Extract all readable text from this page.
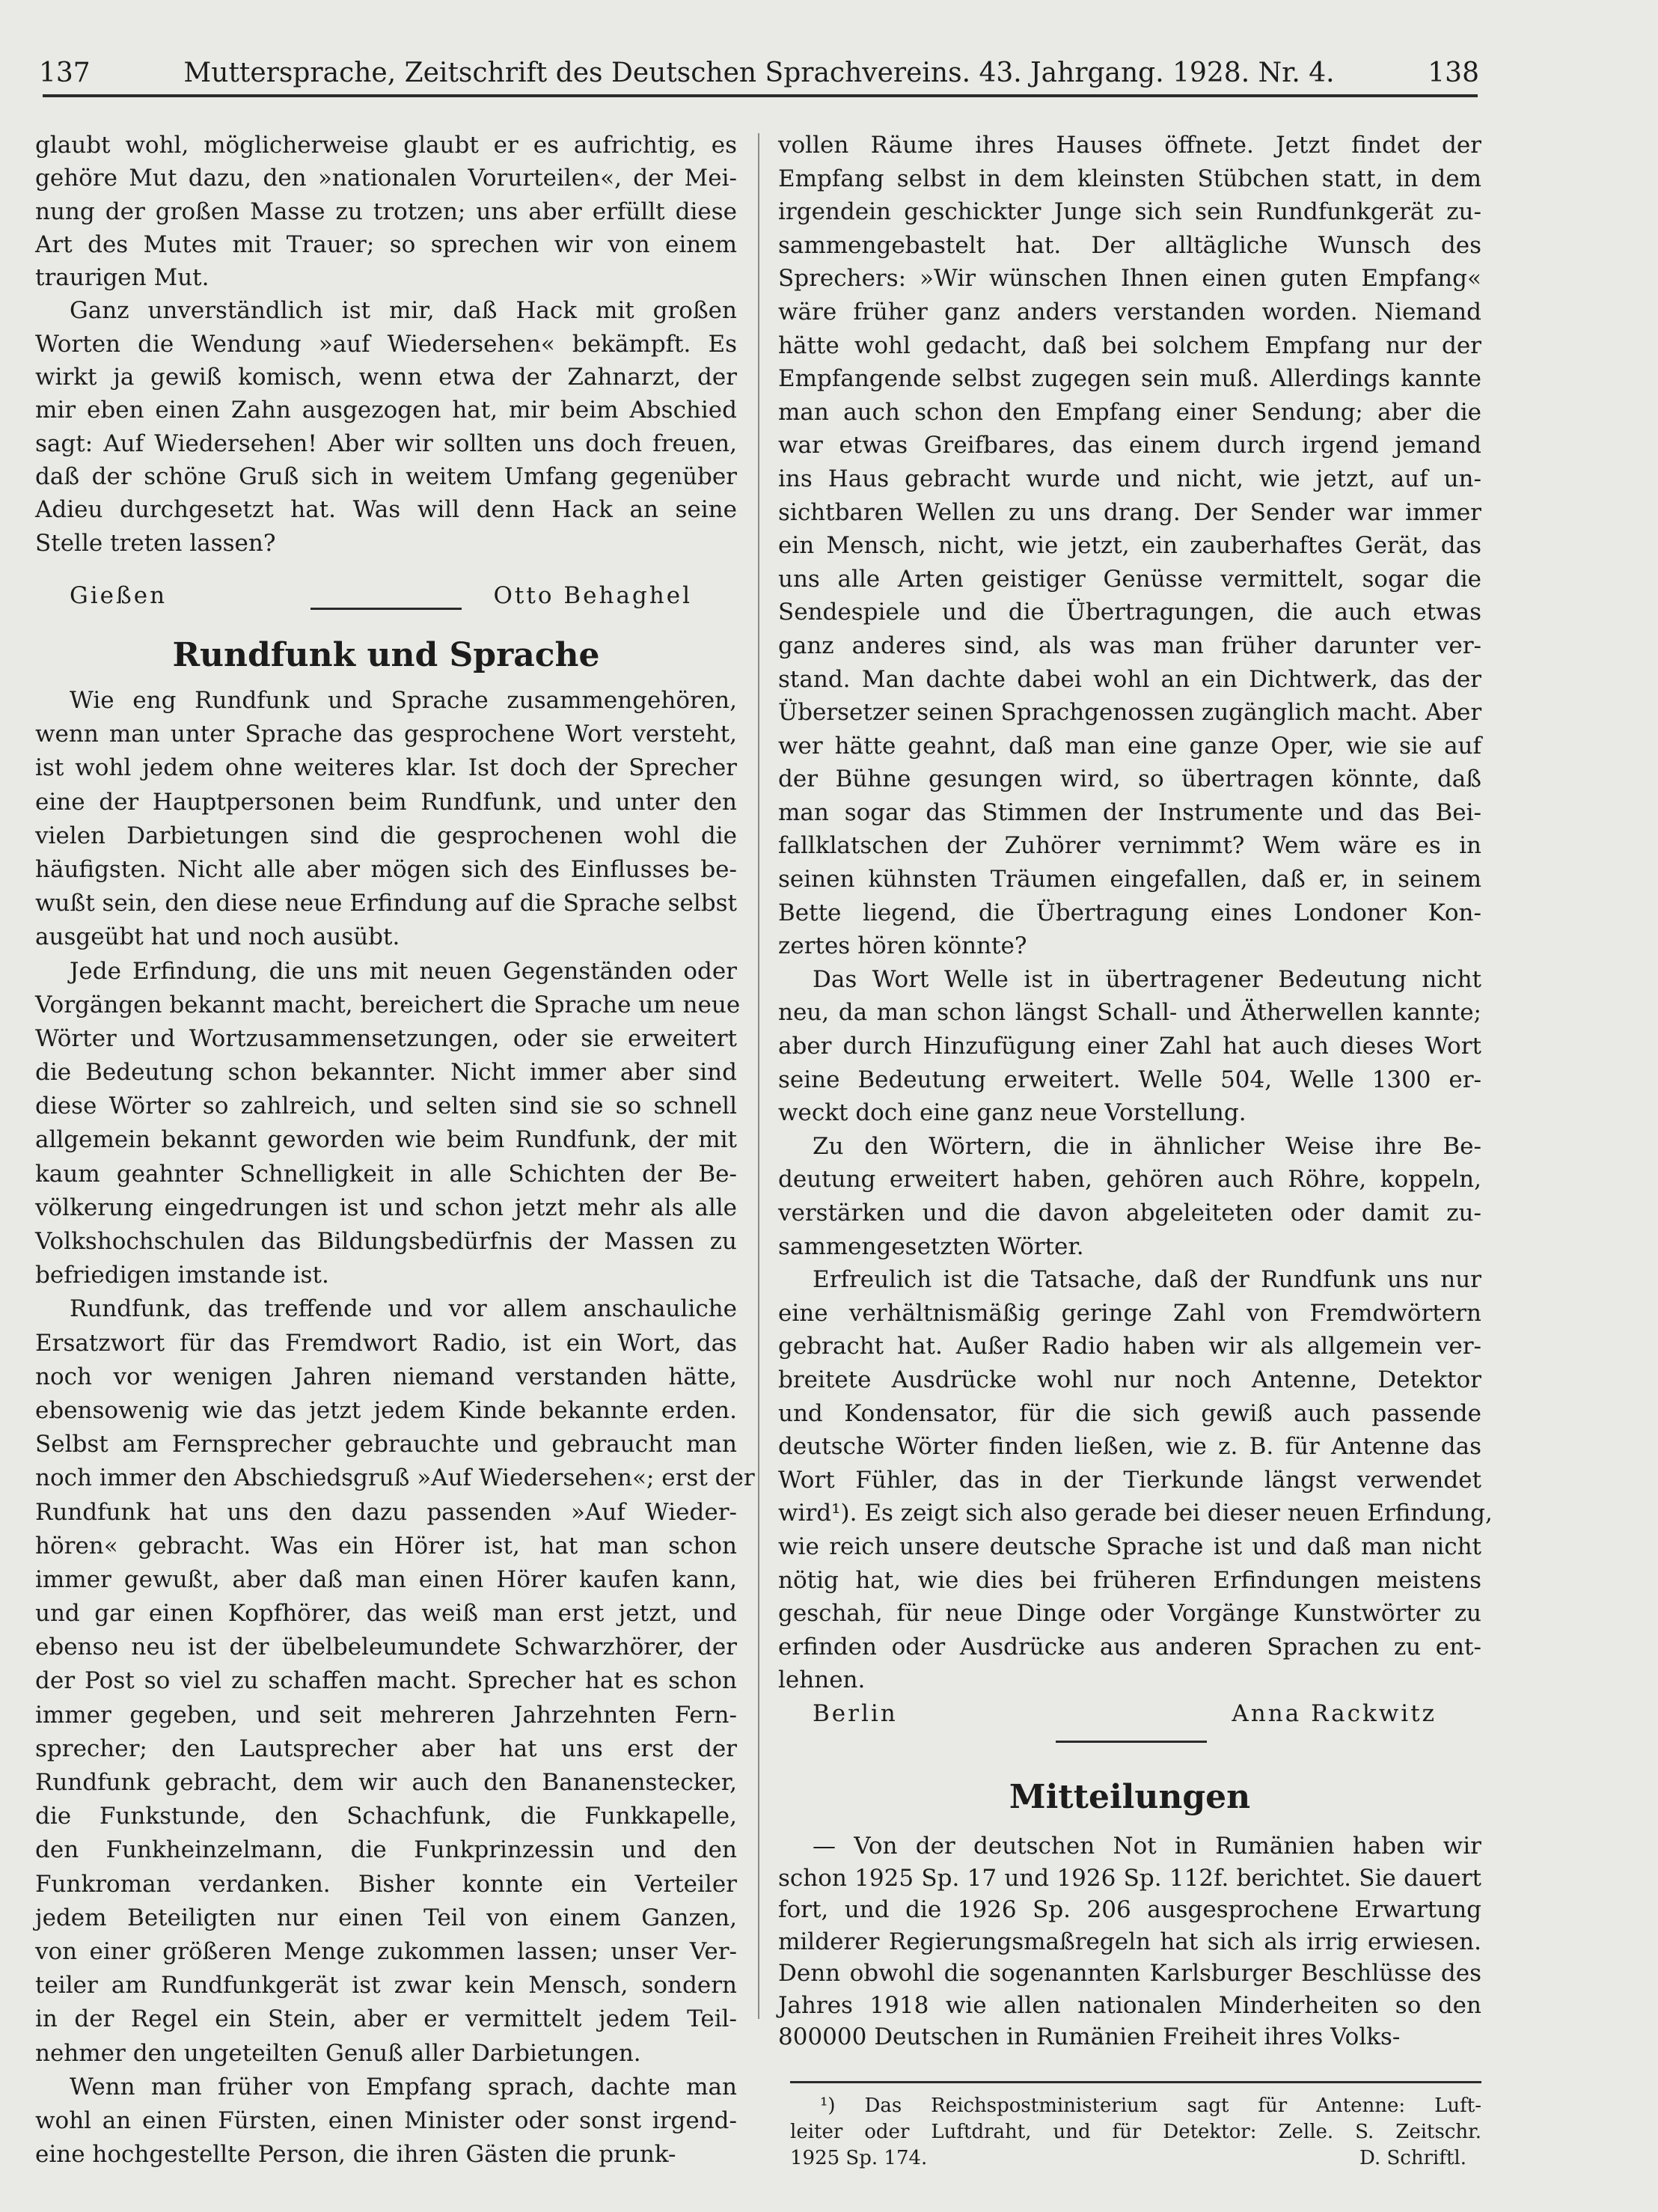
137	Muttersprache, Zeitschrift des Deutschen Sprachvereins. 43. Jahrgang. 1928. Nr. 4.	138
glaubt wohl, möglicherweise glaubt er es aufrichtig, es
gehöre Mut dazu, den »nationalen Vorurteilen«, der Mei-
nung der großen Masse zu trotzen; uns aber erfüllt diese
Art des Mutes mit Trauer; so sprechen wir von einem
traurigen Mut.
Ganz unverständlich ist mir, daß Hack mit großen
Worten die Wendung »auf Wiedersehen« bekämpft. Es
wirkt ja gewiß komisch, wenn etwa der Zahnarzt, der
mir eben einen Zahn ausgezogen hat, mir beim Abschied
sagt: Auf Wiedersehen! Aber wir sollten uns doch freuen,
daß der schöne Gruß sich in weitem Umfang gegenüber
Adieu durchgesetzt hat. Was will denn Hack an seine
Stelle treten lassen?
Gießen	Otto Behaghel
Rundfunk und Sprache
Wie eng Rundfunk und Sprache zusammengehören,
wenn man unter Sprache das gesprochene Wort versteht,
ist wohl jedem ohne weiteres klar. Ist doch der Sprecher
eine der Hauptpersonen beim Rundfunk, und unter den
vielen Darbietungen sind die gesprochenen wohl die
häufigsten. Nicht alle aber mögen sich des Einflusses be-
wußt sein, den diese neue Erfindung auf die Sprache selbst
ausgeübt hat und noch ausübt.
Jede Erfindung, die uns mit neuen Gegenständen oder
Vorgängen bekannt macht, bereichert die Sprache um neue
Wörter und Wortzusammensetzungen, oder sie erweitert
die Bedeutung schon bekannter. Nicht immer aber sind
diese Wörter so zahlreich, und selten sind sie so schnell
allgemein bekannt geworden wie beim Rundfunk, der mit
kaum geahnter Schnelligkeit in alle Schichten der Be-
völkerung eingedrungen ist und schon jetzt mehr als alle
Volkshochschulen das Bildungsbedürfnis der Massen zu
befriedigen imstande ist.
Rundfunk, das treffende und vor allem anschauliche
Ersatzwort für das Fremdwort Radio, ist ein Wort, das
noch vor wenigen Jahren niemand verstanden hätte,
ebensowenig wie das jetzt jedem Kinde bekannte erden.
Selbst am Fernsprecher gebrauchte und gebraucht man
noch immer den Abschiedsgruß »Auf Wiedersehen«; erst der
Rundfunk hat uns den dazu passenden »Auf Wieder-
hören« gebracht. Was ein Hörer ist, hat man schon
immer gewußt, aber daß man einen Hörer kaufen kann,
und gar einen Kopfhörer, das weiß man erst jetzt, und
ebenso neu ist der übelbeleumundete Schwarzhörer, der
der Post so viel zu schaffen macht. Sprecher hat es schon
immer gegeben, und seit mehreren Jahrzehnten Fern-
sprecher; den Lautsprecher aber hat uns erst der
Rundfunk gebracht, dem wir auch den Bananenstecker,
die Funkstunde, den Schachfunk, die Funkkapelle,
den Funkheinzelmann, die Funkprinzessin und den
Funkroman verdanken. Bisher konnte ein Verteiler
jedem Beteiligten nur einen Teil von einem Ganzen,
von einer größeren Menge zukommen lassen; unser Ver-
teiler am Rundfunkgerät ist zwar kein Mensch, sondern
in der Regel ein Stein, aber er vermittelt jedem Teil-
nehmer den ungeteilten Genuß aller Darbietungen.
Wenn man früher von Empfang sprach, dachte man
wohl an einen Fürsten, einen Minister oder sonst irgend-
eine hochgestellte Person, die ihren Gästen die prunk-
vollen Räume ihres Hauses öffnete. Jetzt findet der
Empfang selbst in dem kleinsten Stübchen statt, in dem
irgendein geschickter Junge sich sein Rundfunkgerät zu-
sammengebastelt hat. Der alltägliche Wunsch des
Sprechers: »Wir wünschen Ihnen einen guten Empfang«
wäre früher ganz anders verstanden worden. Niemand
hätte wohl gedacht, daß bei solchem Empfang nur der
Empfangende selbst zugegen sein muß. Allerdings kannte
man auch schon den Empfang einer Sendung; aber die
war etwas Greifbares, das einem durch irgend jemand
ins Haus gebracht wurde und nicht, wie jetzt, auf un-
sichtbaren Wellen zu uns drang. Der Sender war immer
ein Mensch, nicht, wie jetzt, ein zauberhaftes Gerät, das
uns alle Arten geistiger Genüsse vermittelt, sogar die
Sendespiele und die Übertragungen, die auch etwas
ganz anderes sind, als was man früher darunter ver-
stand. Man dachte dabei wohl an ein Dichtwerk, das der
Übersetzer seinen Sprachgenossen zugänglich macht. Aber
wer hätte geahnt, daß man eine ganze Oper, wie sie auf
der Bühne gesungen wird, so übertragen könnte, daß
man sogar das Stimmen der Instrumente und das Bei-
fallklatschen der Zuhörer vernimmt? Wem wäre es in
seinen kühnsten Träumen eingefallen, daß er, in seinem
Bette liegend, die Übertragung eines Londoner Kon-
zertes hören könnte?
Das Wort Welle ist in übertragener Bedeutung nicht
neu, da man schon längst Schall- und Ätherwellen kannte;
aber durch Hinzufügung einer Zahl hat auch dieses Wort
seine Bedeutung erweitert. Welle 504, Welle 1300 er-
weckt doch eine ganz neue Vorstellung.
Zu den Wörtern, die in ähnlicher Weise ihre Be-
deutung erweitert haben, gehören auch Röhre, koppeln,
verstärken und die davon abgeleiteten oder damit zu-
sammengesetzten Wörter.
Erfreulich ist die Tatsache, daß der Rundfunk uns nur
eine verhältnismäßig geringe Zahl von Fremdwörtern
gebracht hat. Außer Radio haben wir als allgemein ver-
breitete Ausdrücke wohl nur noch Antenne, Detektor
und Kondensator, für die sich gewiß auch passende
deutsche Wörter finden ließen, wie z. B. für Antenne das
Wort Fühler, das in der Tierkunde längst verwendet
wird¹). Es zeigt sich also gerade bei dieser neuen Erfindung,
wie reich unsere deutsche Sprache ist und daß man nicht
nötig hat, wie dies bei früheren Erfindungen meistens
geschah, für neue Dinge oder Vorgänge Kunstwörter zu
erfinden oder Ausdrücke aus anderen Sprachen zu ent-
lehnen.
Berlin	Anna Rackwitz
Mitteilungen
— Von der deutschen Not in Rumänien haben wir
schon 1925 Sp. 17 und 1926 Sp. 112f. berichtet. Sie dauert
fort, und die 1926 Sp. 206 ausgesprochene Erwartung
milderer Regierungsmaßregeln hat sich als irrig erwiesen.
Denn obwohl die sogenannten Karlsburger Beschlüsse des
Jahres 1918 wie allen nationalen Minderheiten so den
800000 Deutschen in Rumänien Freiheit ihres Volks-
¹) Das Reichspostministerium sagt für Antenne: Luft-
leiter oder Luftdraht, und für Detektor: Zelle. S. Zeitschr.
1925 Sp. 174.	D. Schriftl.
